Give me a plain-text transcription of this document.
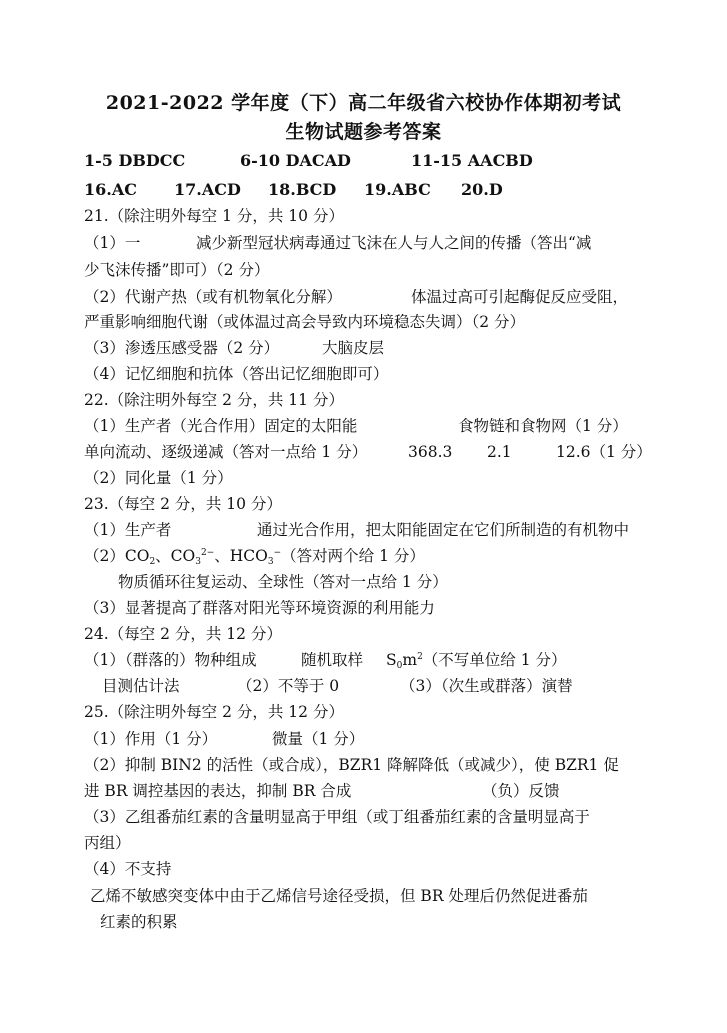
2021-2022 学年度（下）高二年级省六校协作体期初考试
生物试题参考答案
1-5 DBDCC	6-10 DACAD	11-15 AACBD
16.AC 17.ACD 18.BCD 19.ABC 20.D
21.（除注明外每空 1 分，共 10 分）
（1）一	减少新型冠状病毒通过飞沫在人与人之间的传播（答出“减
少飞沫传播”即可）（2 分）
（2）代谢产热（或有机物氧化分解）	体温过高可引起酶促反应受阻，
严重影响细胞代谢（或体温过高会导致内环境稳态失调）（2 分）
（3）渗透压感受器（2 分）	大脑皮层
（4）记忆细胞和抗体（答出记忆细胞即可）
22.（除注明外每空 2 分，共 11 分）
（1）生产者（光合作用）固定的太阳能	食物链和食物网（1 分）
单向流动、逐级递减（答对一点给 1 分）	368.3 2.1	12.6（1 分）
（2）同化量（1 分）
23.（每空 2 分，共 10 分）
（1）生产者	通过光合作用，把太阳能固定在它们所制造的有机物中
$(2)CO_2$、$CO_3^{2-}$、$HCO_3^-$（答对两个给 1 分）
物质循环往复运动、全球性（答对一点给 1 分）
（3）显著提高了群落对阳光等环境资源的利用能力
24.（每空 2 分，共 12 分）
（1）（群落的）物种组成	随机取样 $S_0m^2$（不写单位给 1 分）
目测估计法	（2）不等于 0	（3）（次生或群落）演替
25.（除注明外每空 2 分，共 12 分）
（1）作用（1 分）	微量（1 分）
（2）抑制 BIN2 的活性（或合成），BZR1 降解降低（或减少），使 BZR1 促
进 BR 调控基因的表达，抑制 BR 合成	（负）反馈
（3）乙组番茄红素的含量明显高于甲组（或丁组番茄红素的含量明显高于
丙组）
（4）不支持
乙烯不敏感突变体中由于乙烯信号途径受损，但 BR 处理后仍然促进番茄
红素的积累
